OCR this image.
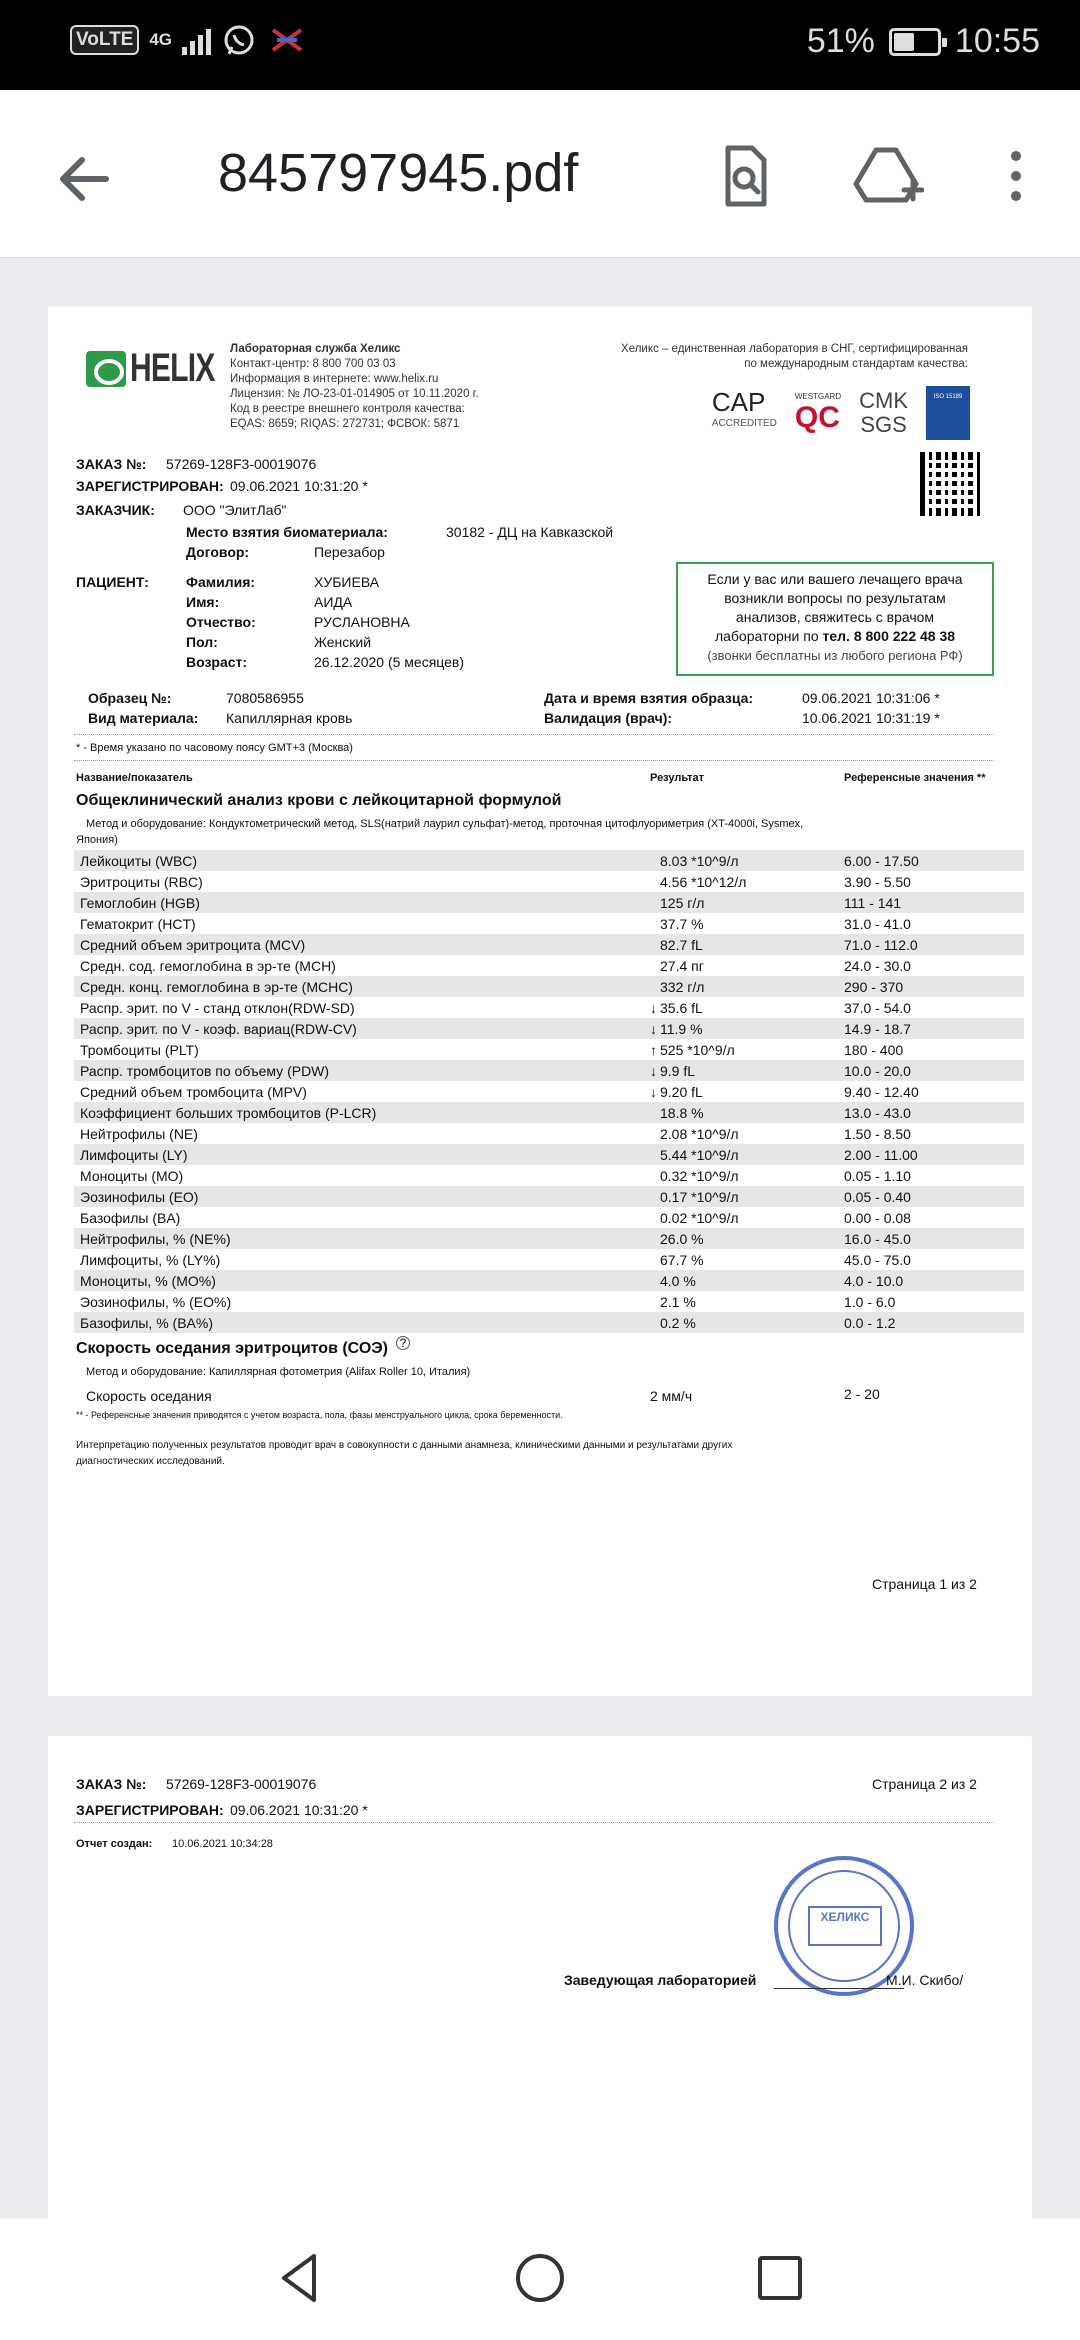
VoLTE 4G	51% 10:55
845797945.pdf
HELIX Лабораторная служба Хеликс
Контакт-центр: 8 800 700 03 03
Информация в интернете: www.helix.ru
Лицензия: № ЛО-23-01-014905 от 10.11.2020 г.
Код в реестре внешнего контроля качества:
EQAS: 8659; RIQAS: 272731; ФСВОК: 5871
Хеликс – единственная лаборатория в СНГ, сертифицированная
по международным стандартам качества:
CAP
ACCREDITED
WESTGARD
QC CMK
SGS
ISO 15189
ЗАКАЗ №: 57269-128F3-00019076
ЗАРЕГИСТРИРОВАН: 09.06.2021 10:31:20 *
ЗАКАЗЧИК: ООО "ЭлитЛаб"
Место взятия биоматериала:	30182 - ДЦ на Кавказской
Договор:	Перезабор
ПАЦИЕНТ:	Фамилия:	ХУБИЕВА
Имя:	АИДА
Отчество:	РУСЛАНОВНА
Пол:	Женский
Возраст:	26.12.2020 (5 месяцев)
Если у вас или вашего лечащего врача
возникли вопросы по результатам
анализов, свяжитесь с врачом
лабораторни по тел. 8 800 222 48 38
(звонки бесплатны из любого региона РФ)
Образец №:	7080586955
Вид материала: Капиллярная кровь
Дата и время взятия образца:	09.06.2021 10:31:06 *
Валидация (врач):	10.06.2021 10:31:19 *
* - Время указано по часовому поясу GMT+3 (Москва)
Название/показатель	Результат	Референсные значения **
Общеклинический анализ крови с лейкоцитарной формулой
Метод и оборудование: Кондуктометрический метод, SLS(натрий лаурил сульфат)-метод, проточная цитофлуориметрия (XT-4000i, Sysmex,
Япония)
Лейкоциты (WBC)	8.03 *10^9/л	6.00 - 17.50
Эритроциты (RBC)	4.56 *10^12/л	3.90 - 5.50
Гемоглобин (HGB)	125 г/л	111 - 141
Гематокрит (HCT)	37.7 %	31.0 - 41.0
Средний объем эритроцита (MCV)	82.7 fL	71.0 - 112.0
Средн. сод. гемоглобина в эр-те (MCH)	27.4 пг	24.0 - 30.0
Средн. конц. гемоглобина в эр-те (MCHC)	332 г/л	290 - 370
Распр. эрит. по V - станд отклон(RDW-SD)	↓ 35.6 fL	37.0 - 54.0
Распр. эрит. по V - коэф. вариац(RDW-CV)	↓ 11.9 %	14.9 - 18.7
Тромбоциты (PLT)	↑ 525 *10^9/л	180 - 400
Распр. тромбоцитов по объему (PDW)	↓ 9.9 fL	10.0 - 20.0
Средний объем тромбоцита (MPV)	↓ 9.20 fL	9.40 - 12.40
Коэффициент больших тромбоцитов (P-LCR)	18.8 %	13.0 - 43.0
Нейтрофилы (NE)	2.08 *10^9/л	1.50 - 8.50
Лимфоциты (LY)	5.44 *10^9/л	2.00 - 11.00
Моноциты (MO)	0.32 *10^9/л	0.05 - 1.10
Эозинофилы (EO)	0.17 *10^9/л	0.05 - 0.40
Базофилы (BA)	0.02 *10^9/л	0.00 - 0.08
Нейтрофилы, % (NE%)	26.0 %	16.0 - 45.0
Лимфоциты, % (LY%)	67.7 %	45.0 - 75.0
Моноциты, % (MO%)	4.0 %	4.0 - 10.0
Эозинофилы, % (EO%)	2.1 %	1.0 - 6.0
Базофилы, % (BA%)	0.2 %	0.0 - 1.2
Скорость оседания эритроцитов (СОЭ) ?
Метод и оборудование: Капиллярная фотометрия (Alifax Roller 10, Италия)
Скорость оседания	2 мм/ч	2 - 20
** - Референсные значения приводятся с учетом возраста, пола, фазы менструального цикла, срока беременности.
Интерпретацию полученных результатов проводит врач в совокупности с данными анамнеза, клиническими данными и результатами других
диагностических исследований.
Страница 1 из 2
ЗАКАЗ №: 57269-128F3-00019076	Страница 2 из 2
ЗАРЕГИСТРИРОВАН: 09.06.2021 10:31:20 *
Отчет создан: 10.06.2021 10:34:28
ХЕЛИКС
Заведующая лабораторией	М.И. Скибо/
